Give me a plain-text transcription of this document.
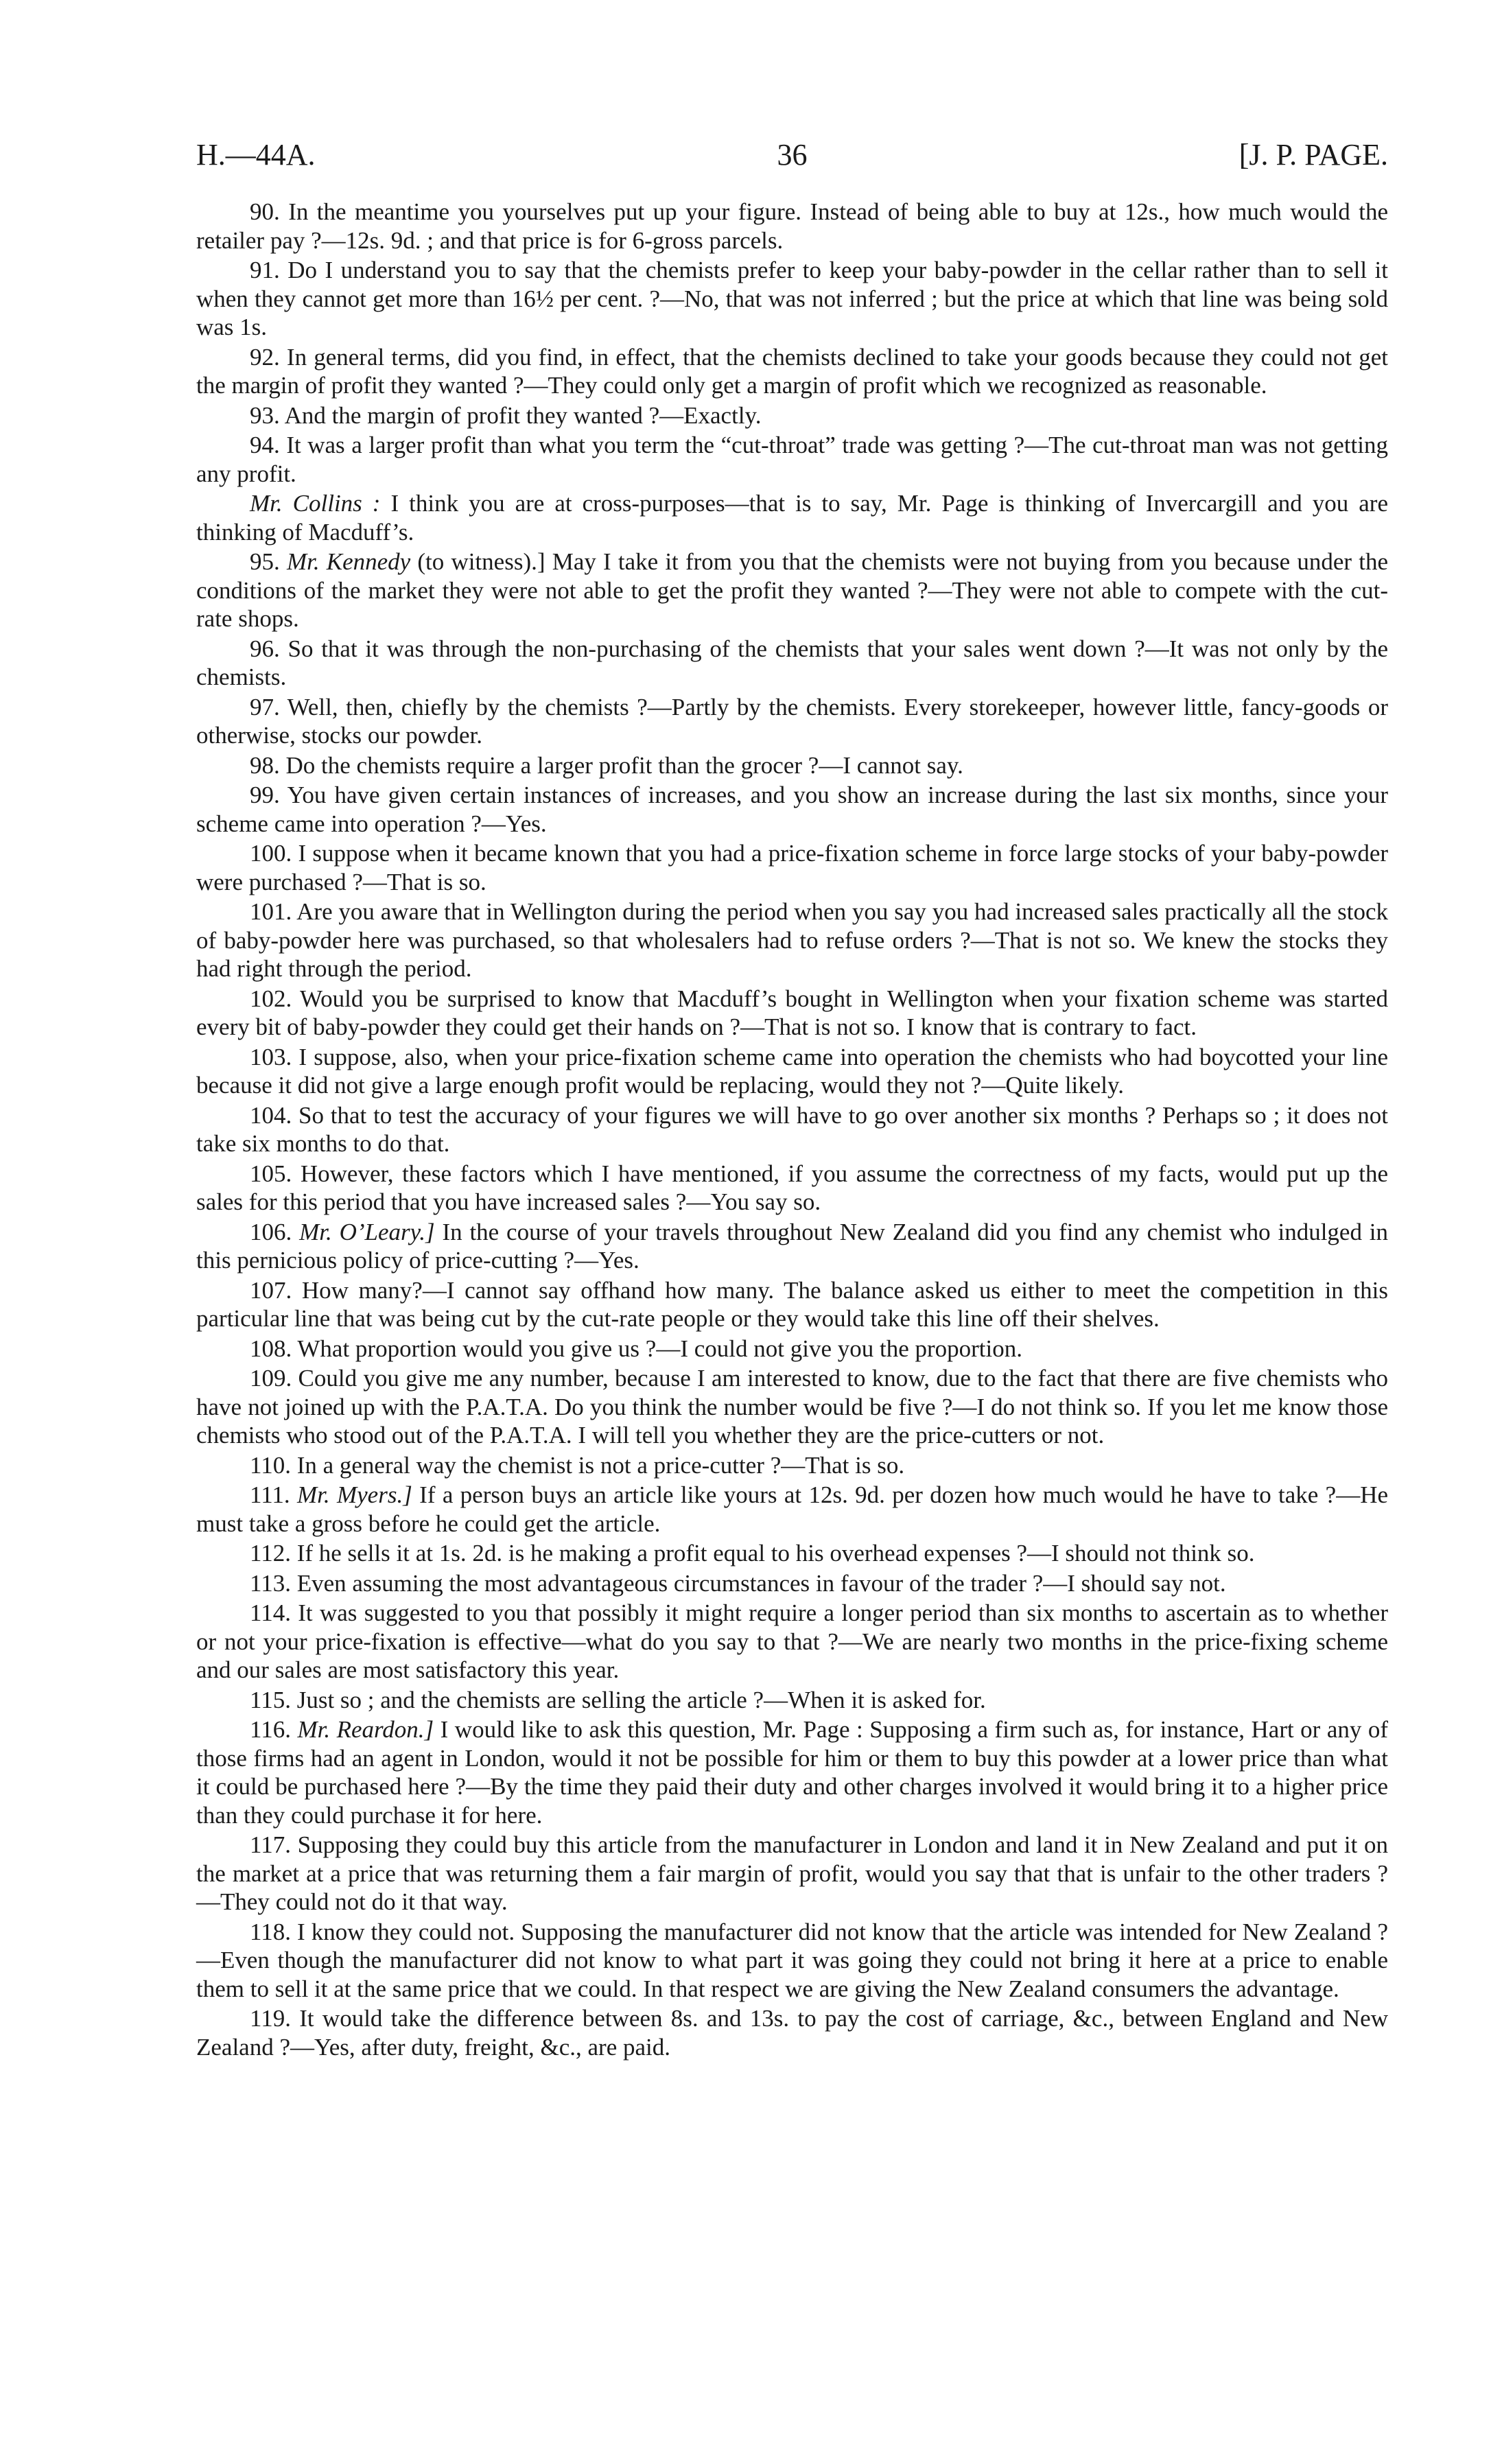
H.—44A.	36	[J. P. PAGE.

90. In the meantime you yourselves put up your figure. Instead of being able to buy at 12s., how much would the retailer pay ?—12s. 9d. ; and that price is for 6-gross parcels.

91. Do I understand you to say that the chemists prefer to keep your baby-powder in the cellar rather than to sell it when they cannot get more than 16½ per cent. ?—No, that was not inferred ; but the price at which that line was being sold was 1s.

92. In general terms, did you find, in effect, that the chemists declined to take your goods because they could not get the margin of profit they wanted ?—They could only get a margin of profit which we recognized as reasonable.

93. And the margin of profit they wanted ?—Exactly.

94. It was a larger profit than what you term the “cut-throat” trade was getting ?—The cut-throat man was not getting any profit.

Mr. Collins : I think you are at cross-purposes—that is to say, Mr. Page is thinking of Invercargill and you are thinking of Macduff’s.

95. Mr. Kennedy (to witness).] May I take it from you that the chemists were not buying from you because under the conditions of the market they were not able to get the profit they wanted ?—They were not able to compete with the cut-rate shops.

96. So that it was through the non-purchasing of the chemists that your sales went down ?—It was not only by the chemists.

97. Well, then, chiefly by the chemists ?—Partly by the chemists. Every storekeeper, however little, fancy-goods or otherwise, stocks our powder.

98. Do the chemists require a larger profit than the grocer ?—I cannot say.

99. You have given certain instances of increases, and you show an increase during the last six months, since your scheme came into operation ?—Yes.

100. I suppose when it became known that you had a price-fixation scheme in force large stocks of your baby-powder were purchased ?—That is so.

101. Are you aware that in Wellington during the period when you say you had increased sales practically all the stock of baby-powder here was purchased, so that wholesalers had to refuse orders ?—That is not so. We knew the stocks they had right through the period.

102. Would you be surprised to know that Macduff’s bought in Wellington when your fixation scheme was started every bit of baby-powder they could get their hands on ?—That is not so. I know that is contrary to fact.

103. I suppose, also, when your price-fixation scheme came into operation the chemists who had boycotted your line because it did not give a large enough profit would be replacing, would they not ?—Quite likely.

104. So that to test the accuracy of your figures we will have to go over another six months ? Perhaps so ; it does not take six months to do that.

105. However, these factors which I have mentioned, if you assume the correctness of my facts, would put up the sales for this period that you have increased sales ?—You say so.

106. Mr. O’Leary.] In the course of your travels throughout New Zealand did you find any chemist who indulged in this pernicious policy of price-cutting ?—Yes.

107. How many?—I cannot say offhand how many. The balance asked us either to meet the competition in this particular line that was being cut by the cut-rate people or they would take this line off their shelves.

108. What proportion would you give us ?—I could not give you the proportion.

109. Could you give me any number, because I am interested to know, due to the fact that there are five chemists who have not joined up with the P.A.T.A. Do you think the number would be five ?—I do not think so. If you let me know those chemists who stood out of the P.A.T.A. I will tell you whether they are the price-cutters or not.

110. In a general way the chemist is not a price-cutter ?—That is so.

111. Mr. Myers.] If a person buys an article like yours at 12s. 9d. per dozen how much would he have to take ?—He must take a gross before he could get the article.

112. If he sells it at 1s. 2d. is he making a profit equal to his overhead expenses ?—I should not think so.

113. Even assuming the most advantageous circumstances in favour of the trader ?—I should say not.

114. It was suggested to you that possibly it might require a longer period than six months to ascertain as to whether or not your price-fixation is effective—what do you say to that ?—We are nearly two months in the price-fixing scheme and our sales are most satisfactory this year.

115. Just so ; and the chemists are selling the article ?—When it is asked for.

116. Mr. Reardon.] I would like to ask this question, Mr. Page : Supposing a firm such as, for instance, Hart or any of those firms had an agent in London, would it not be possible for him or them to buy this powder at a lower price than what it could be purchased here ?—By the time they paid their duty and other charges involved it would bring it to a higher price than they could purchase it for here.

117. Supposing they could buy this article from the manufacturer in London and land it in New Zealand and put it on the market at a price that was returning them a fair margin of profit, would you say that that is unfair to the other traders ?—They could not do it that way.

118. I know they could not. Supposing the manufacturer did not know that the article was intended for New Zealand ?—Even though the manufacturer did not know to what part it was going they could not bring it here at a price to enable them to sell it at the same price that we could. In that respect we are giving the New Zealand consumers the advantage.

119. It would take the difference between 8s. and 13s. to pay the cost of carriage, &c., between England and New Zealand ?—Yes, after duty, freight, &c., are paid.
